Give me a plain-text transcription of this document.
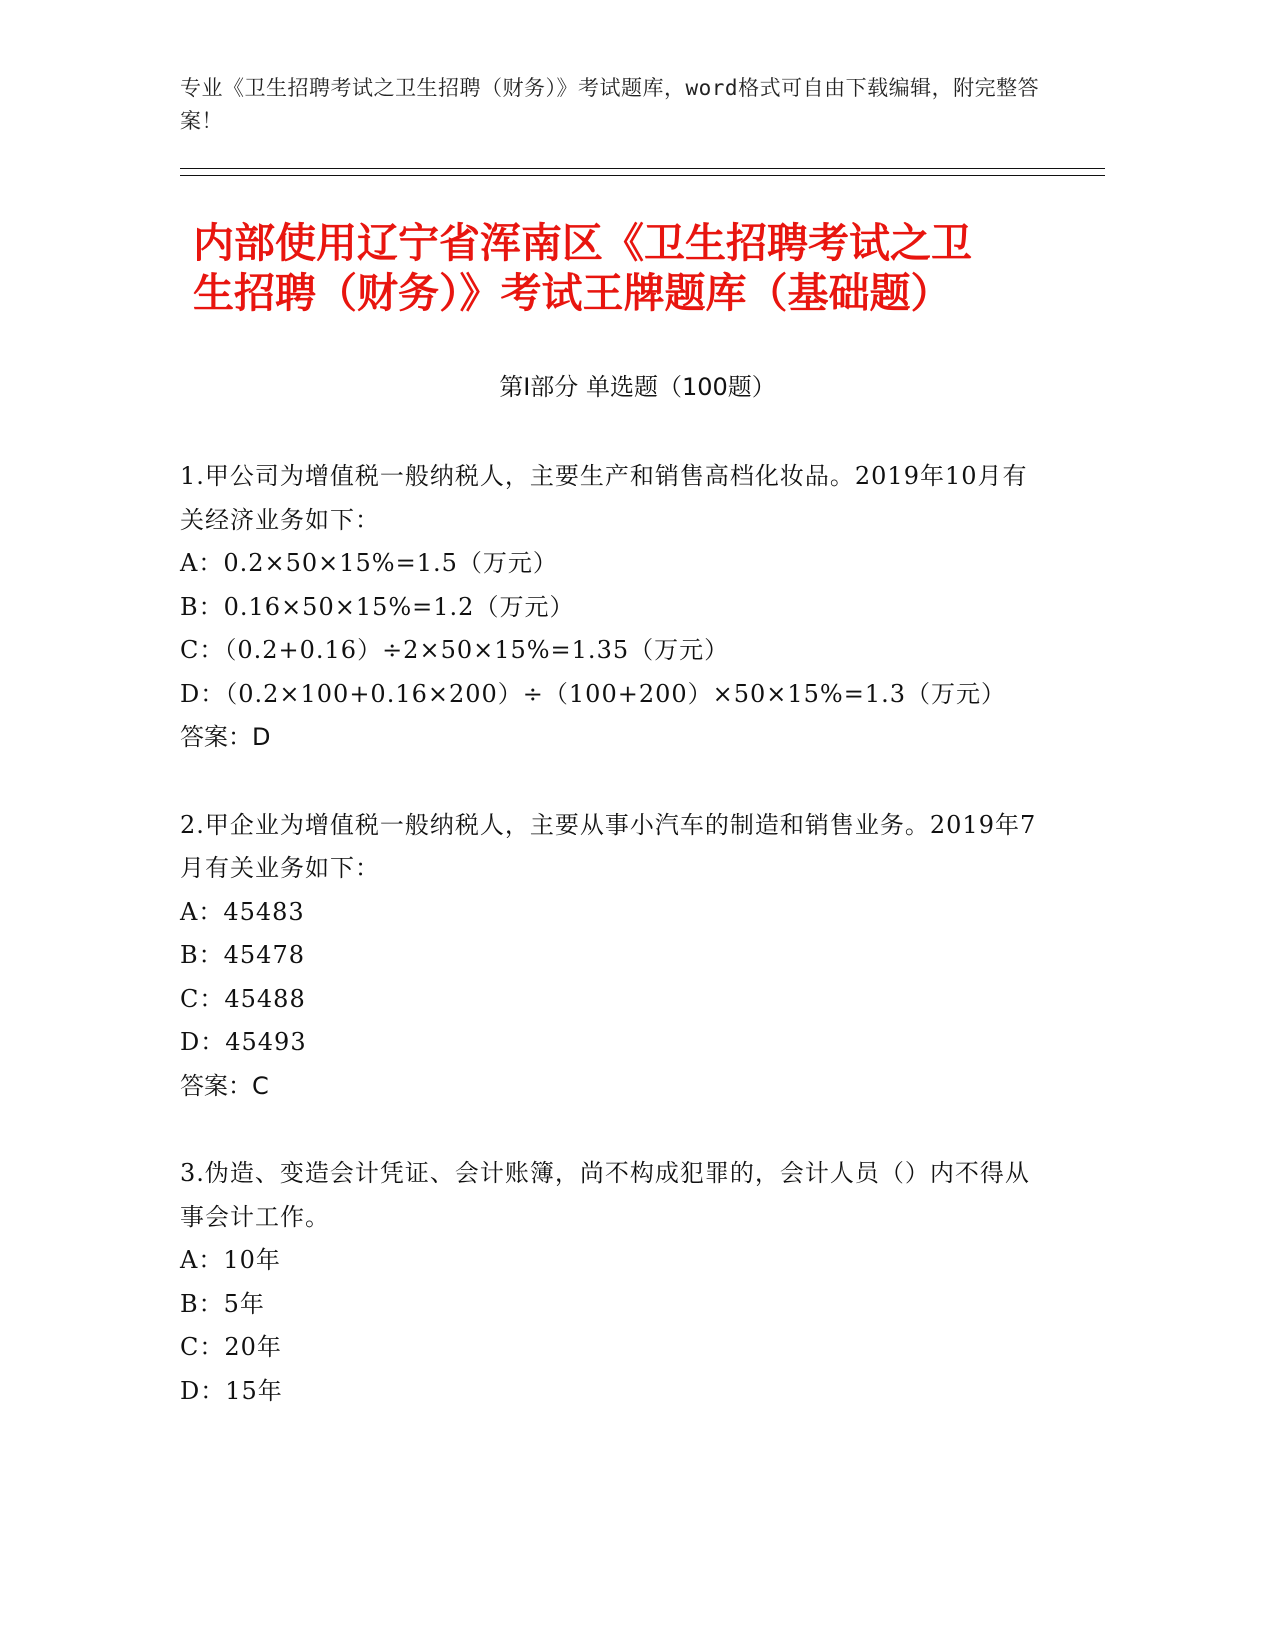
专业《卫生招聘考试之卫生招聘（财务）》考试题库，word格式可自由下载编辑，附完整答案！
内部使用辽宁省浑南区《卫生招聘考试之卫
生招聘（财务）》考试王牌题库（基础题）
第Ⅰ部分 单选题（100题）
1.甲公司为增值税一般纳税人，主要生产和销售高档化妆品。2019年10月有关经济业务如下：
A：0.2×50×15%=1.5（万元）
B：0.16×50×15%=1.2（万元）
C：（0.2+0.16）÷2×50×15%=1.35（万元）
D：（0.2×100+0.16×200）÷（100+200）×50×15%=1.3（万元）
答案：D
2.甲企业为增值税一般纳税人，主要从事小汽车的制造和销售业务。2019年7月有关业务如下：
A：45483
B：45478
C：45488
D：45493
答案：C
3.伪造、变造会计凭证、会计账簿，尚不构成犯罪的，会计人员（）内不得从事会计工作。
A：10年
B：5年
C：20年
D：15年
